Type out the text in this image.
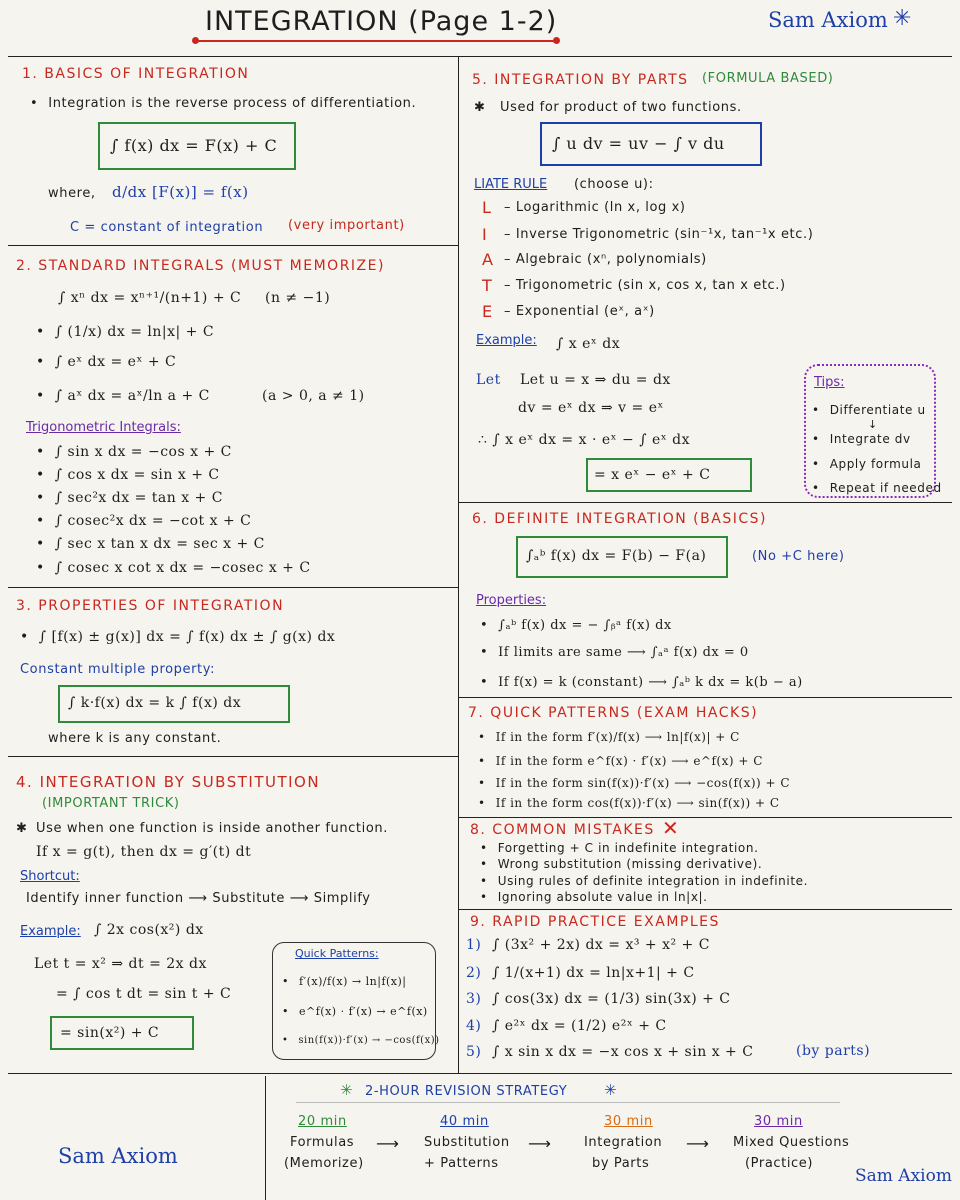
INTEGRATION (Page 1-2)	Sam Axiom ✳
1. BASICS OF INTEGRATION
• Integration is the reverse process of differentiation.
∫ f(x) dx = F(x) + C
where, d/dx [F(x)] = f(x)
C = constant of integration (very important)
2. STANDARD INTEGRALS (MUST MEMORIZE)
∫ xⁿ dx = xⁿ⁺¹/(n+1) + C (n ≠ −1)
• ∫ (1/x) dx = ln|x| + C
• ∫ eˣ dx = eˣ + C
• ∫ aˣ dx = aˣ/ln a + C	(a > 0, a ≠ 1)
Trigonometric Integrals:
• ∫ sin x dx = −cos x + C
• ∫ cos x dx = sin x + C
• ∫ sec²x dx = tan x + C
• ∫ cosec²x dx = −cot x + C
• ∫ sec x tan x dx = sec x + C
• ∫ cosec x cot x dx = −cosec x + C
3. PROPERTIES OF INTEGRATION
• ∫ [f(x) ± g(x)] dx = ∫ f(x) dx ± ∫ g(x) dx
Constant multiple property:
∫ k·f(x) dx = k ∫ f(x) dx
where k is any constant.
4. INTEGRATION BY SUBSTITUTION
(IMPORTANT TRICK)
✱ Use when one function is inside another function.
If x = g(t), then dx = g′(t) dt
Shortcut:
Identify inner function ⟶ Substitute ⟶ Simplify
Example: ∫ 2x cos(x²) dx
Let t = x² ⇒ dt = 2x dx
= ∫ cos t dt = sin t + C
= sin(x²) + C
Quick Patterns:
• f′(x)/f(x) → ln|f(x)|
• e^f(x) · f′(x) → e^f(x)
• sin(f(x))·f′(x) → −cos(f(x))
5. INTEGRATION BY PARTS (FORMULA BASED)
✱ Used for product of two functions.
∫ u dv = uv − ∫ v du
LIATE RULE (choose u):
L – Logarithmic (ln x, log x)
I – Inverse Trigonometric (sin⁻¹x, tan⁻¹x etc.)
A – Algebraic (xⁿ, polynomials)
T – Trigonometric (sin x, cos x, tan x etc.)
E – Exponential (eˣ, aˣ)
Example: ∫ x eˣ dx
Let Let u = x ⇒ du = dx
dv = eˣ dx ⇒ v = eˣ
∴ ∫ x eˣ dx = x · eˣ − ∫ eˣ dx
= x eˣ − eˣ + C
Tips:
• Differentiate u
↓
• Integrate dv
• Apply formula
• Repeat if needed
6. DEFINITE INTEGRATION (BASICS)
∫ₐᵇ f(x) dx = F(b) − F(a)	(No +C here)
Properties:
• ∫ₐᵇ f(x) dx = − ∫ᵦᵃ f(x) dx
• If limits are same ⟶ ∫ₐᵃ f(x) dx = 0
• If f(x) = k (constant) ⟶ ∫ₐᵇ k dx = k(b − a)
7. QUICK PATTERNS (EXAM HACKS)
• If in the form f′(x)/f(x) ⟶ ln|f(x)| + C
• If in the form e^f(x) · f′(x) ⟶ e^f(x) + C
• If in the form sin(f(x))·f′(x) ⟶ −cos(f(x)) + C
• If in the form cos(f(x))·f′(x) ⟶ sin(f(x)) + C
8. COMMON MISTAKES ✕
• Forgetting + C in indefinite integration.
• Wrong substitution (missing derivative).
• Using rules of definite integration in indefinite.
• Ignoring absolute value in ln|x|.
9. RAPID PRACTICE EXAMPLES
1) ∫ (3x² + 2x) dx = x³ + x² + C
2) ∫ 1/(x+1) dx = ln|x+1| + C
3) ∫ cos(3x) dx = (1/3) sin(3x) + C
4) ∫ e²ˣ dx = (1/2) e²ˣ + C
5) ∫ x sin x dx = −x cos x + sin x + C	(by parts)
✳ 2-HOUR REVISION STRATEGY ✳
20 min
Formulas
(Memorize)
⟶
40 min
Substitution
+ Patterns
⟶
30 min
Integration
by Parts
⟶
30 min
Mixed Questions
(Practice)
Sam Axiom
Sam Axiom
